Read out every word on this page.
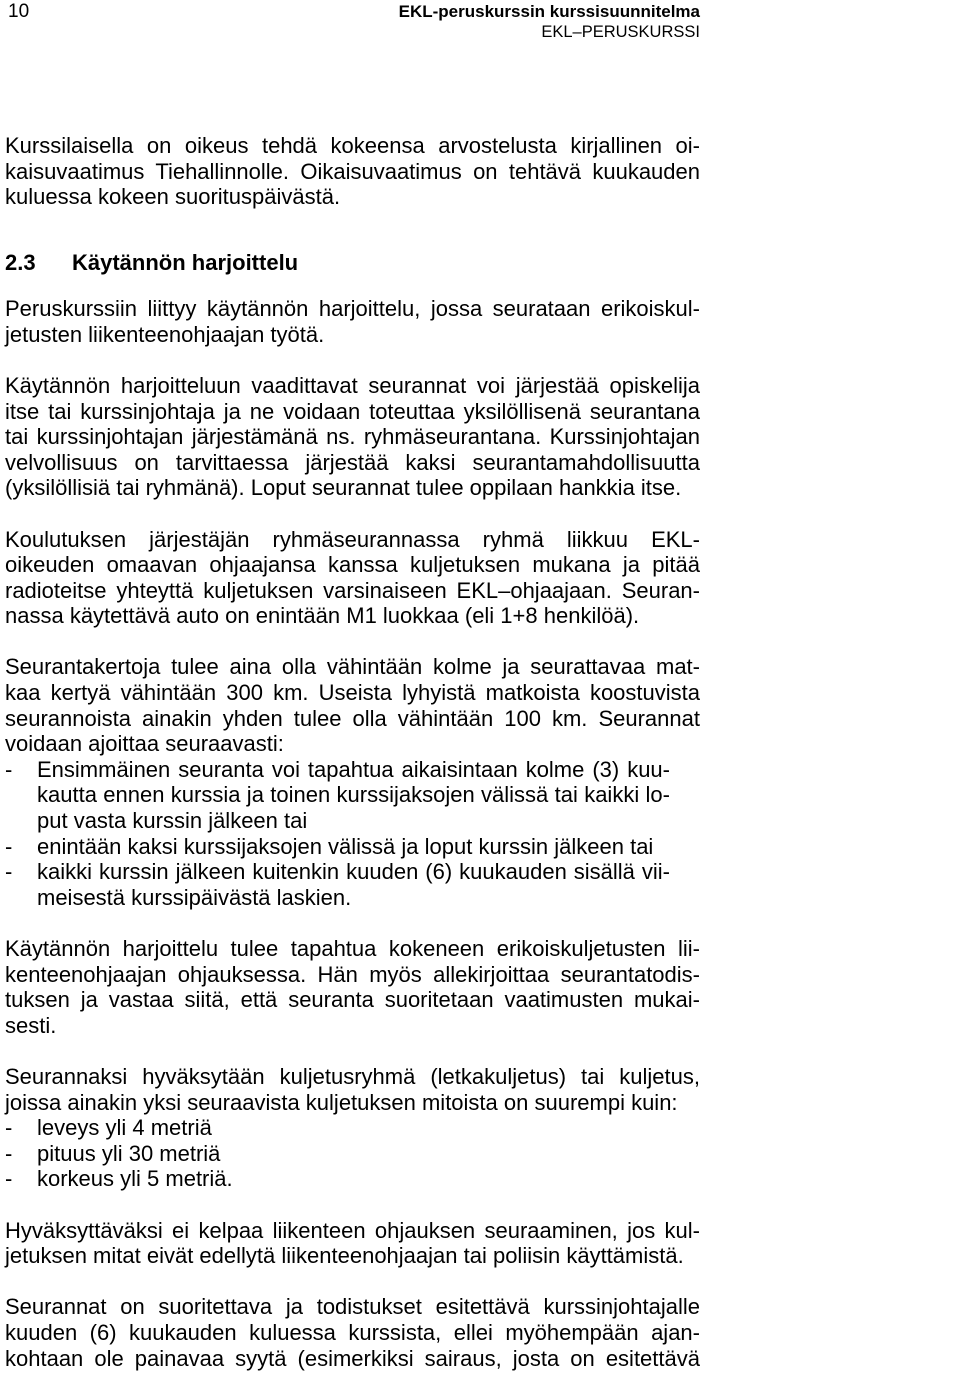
10	EKL-peruskurssin kurssisuunnitelma
EKL–PERUSKURSSI
Kurssilaisella on oikeus tehdä kokeensa arvostelusta kirjallinen oi-
kaisuvaatimus Tiehallinnolle. Oikaisuvaatimus on tehtävä kuukauden
kuluessa kokeen suorituspäivästä.
2.3 Käytännön harjoittelu
Peruskurssiin liittyy käytännön harjoittelu, jossa seurataan erikoiskul-
jetusten liikenteenohjaajan työtä.
Käytännön harjoitteluun vaadittavat seurannat voi järjestää opiskelija
itse tai kurssinjohtaja ja ne voidaan toteuttaa yksilöllisenä seurantana
tai kurssinjohtajan järjestämänä ns. ryhmäseurantana. Kurssinjohtajan
velvollisuus on tarvittaessa järjestää kaksi seurantamahdollisuutta
(yksilöllisiä tai ryhmänä). Loput seurannat tulee oppilaan hankkia itse.
Koulutuksen järjestäjän ryhmäseurannassa ryhmä liikkuu EKL-
oikeuden omaavan ohjaajansa kanssa kuljetuksen mukana ja pitää
radioteitse yhteyttä kuljetuksen varsinaiseen EKL–ohjaajaan. Seuran-
nassa käytettävä auto on enintään M1 luokkaa (eli 1+8 henkilöä).
Seurantakertoja tulee aina olla vähintään kolme ja seurattavaa mat-
kaa kertyä vähintään 300 km. Useista lyhyistä matkoista koostuvista
seurannoista ainakin yhden tulee olla vähintään 100 km. Seurannat
voidaan ajoittaa seuraavasti:
-	Ensimmäinen seuranta voi tapahtua aikaisintaan kolme (3) kuu-
kautta ennen kurssia ja toinen kurssijaksojen välissä tai kaikki lo-
put vasta kurssin jälkeen tai
-	enintään kaksi kurssijaksojen välissä ja loput kurssin jälkeen tai
-	kaikki kurssin jälkeen kuitenkin kuuden (6) kuukauden sisällä vii-
meisestä kurssipäivästä laskien.
Käytännön harjoittelu tulee tapahtua kokeneen erikoiskuljetusten lii-
kenteenohjaajan ohjauksessa. Hän myös allekirjoittaa seurantatodis-
tuksen ja vastaa siitä, että seuranta suoritetaan vaatimusten mukai-
sesti.
Seurannaksi hyväksytään kuljetusryhmä (letkakuljetus) tai kuljetus,
joissa ainakin yksi seuraavista kuljetuksen mitoista on suurempi kuin:
-	leveys yli 4 metriä
-	pituus yli 30 metriä
-	korkeus yli 5 metriä.
Hyväksyttäväksi ei kelpaa liikenteen ohjauksen seuraaminen, jos kul-
jetuksen mitat eivät edellytä liikenteenohjaajan tai poliisin käyttämistä.
Seurannat on suoritettava ja todistukset esitettävä kurssinjohtajalle
kuuden (6) kuukauden kuluessa kurssista, ellei myöhempään ajan-
kohtaan ole painavaa syytä (esimerkiksi sairaus, josta on esitettävä
